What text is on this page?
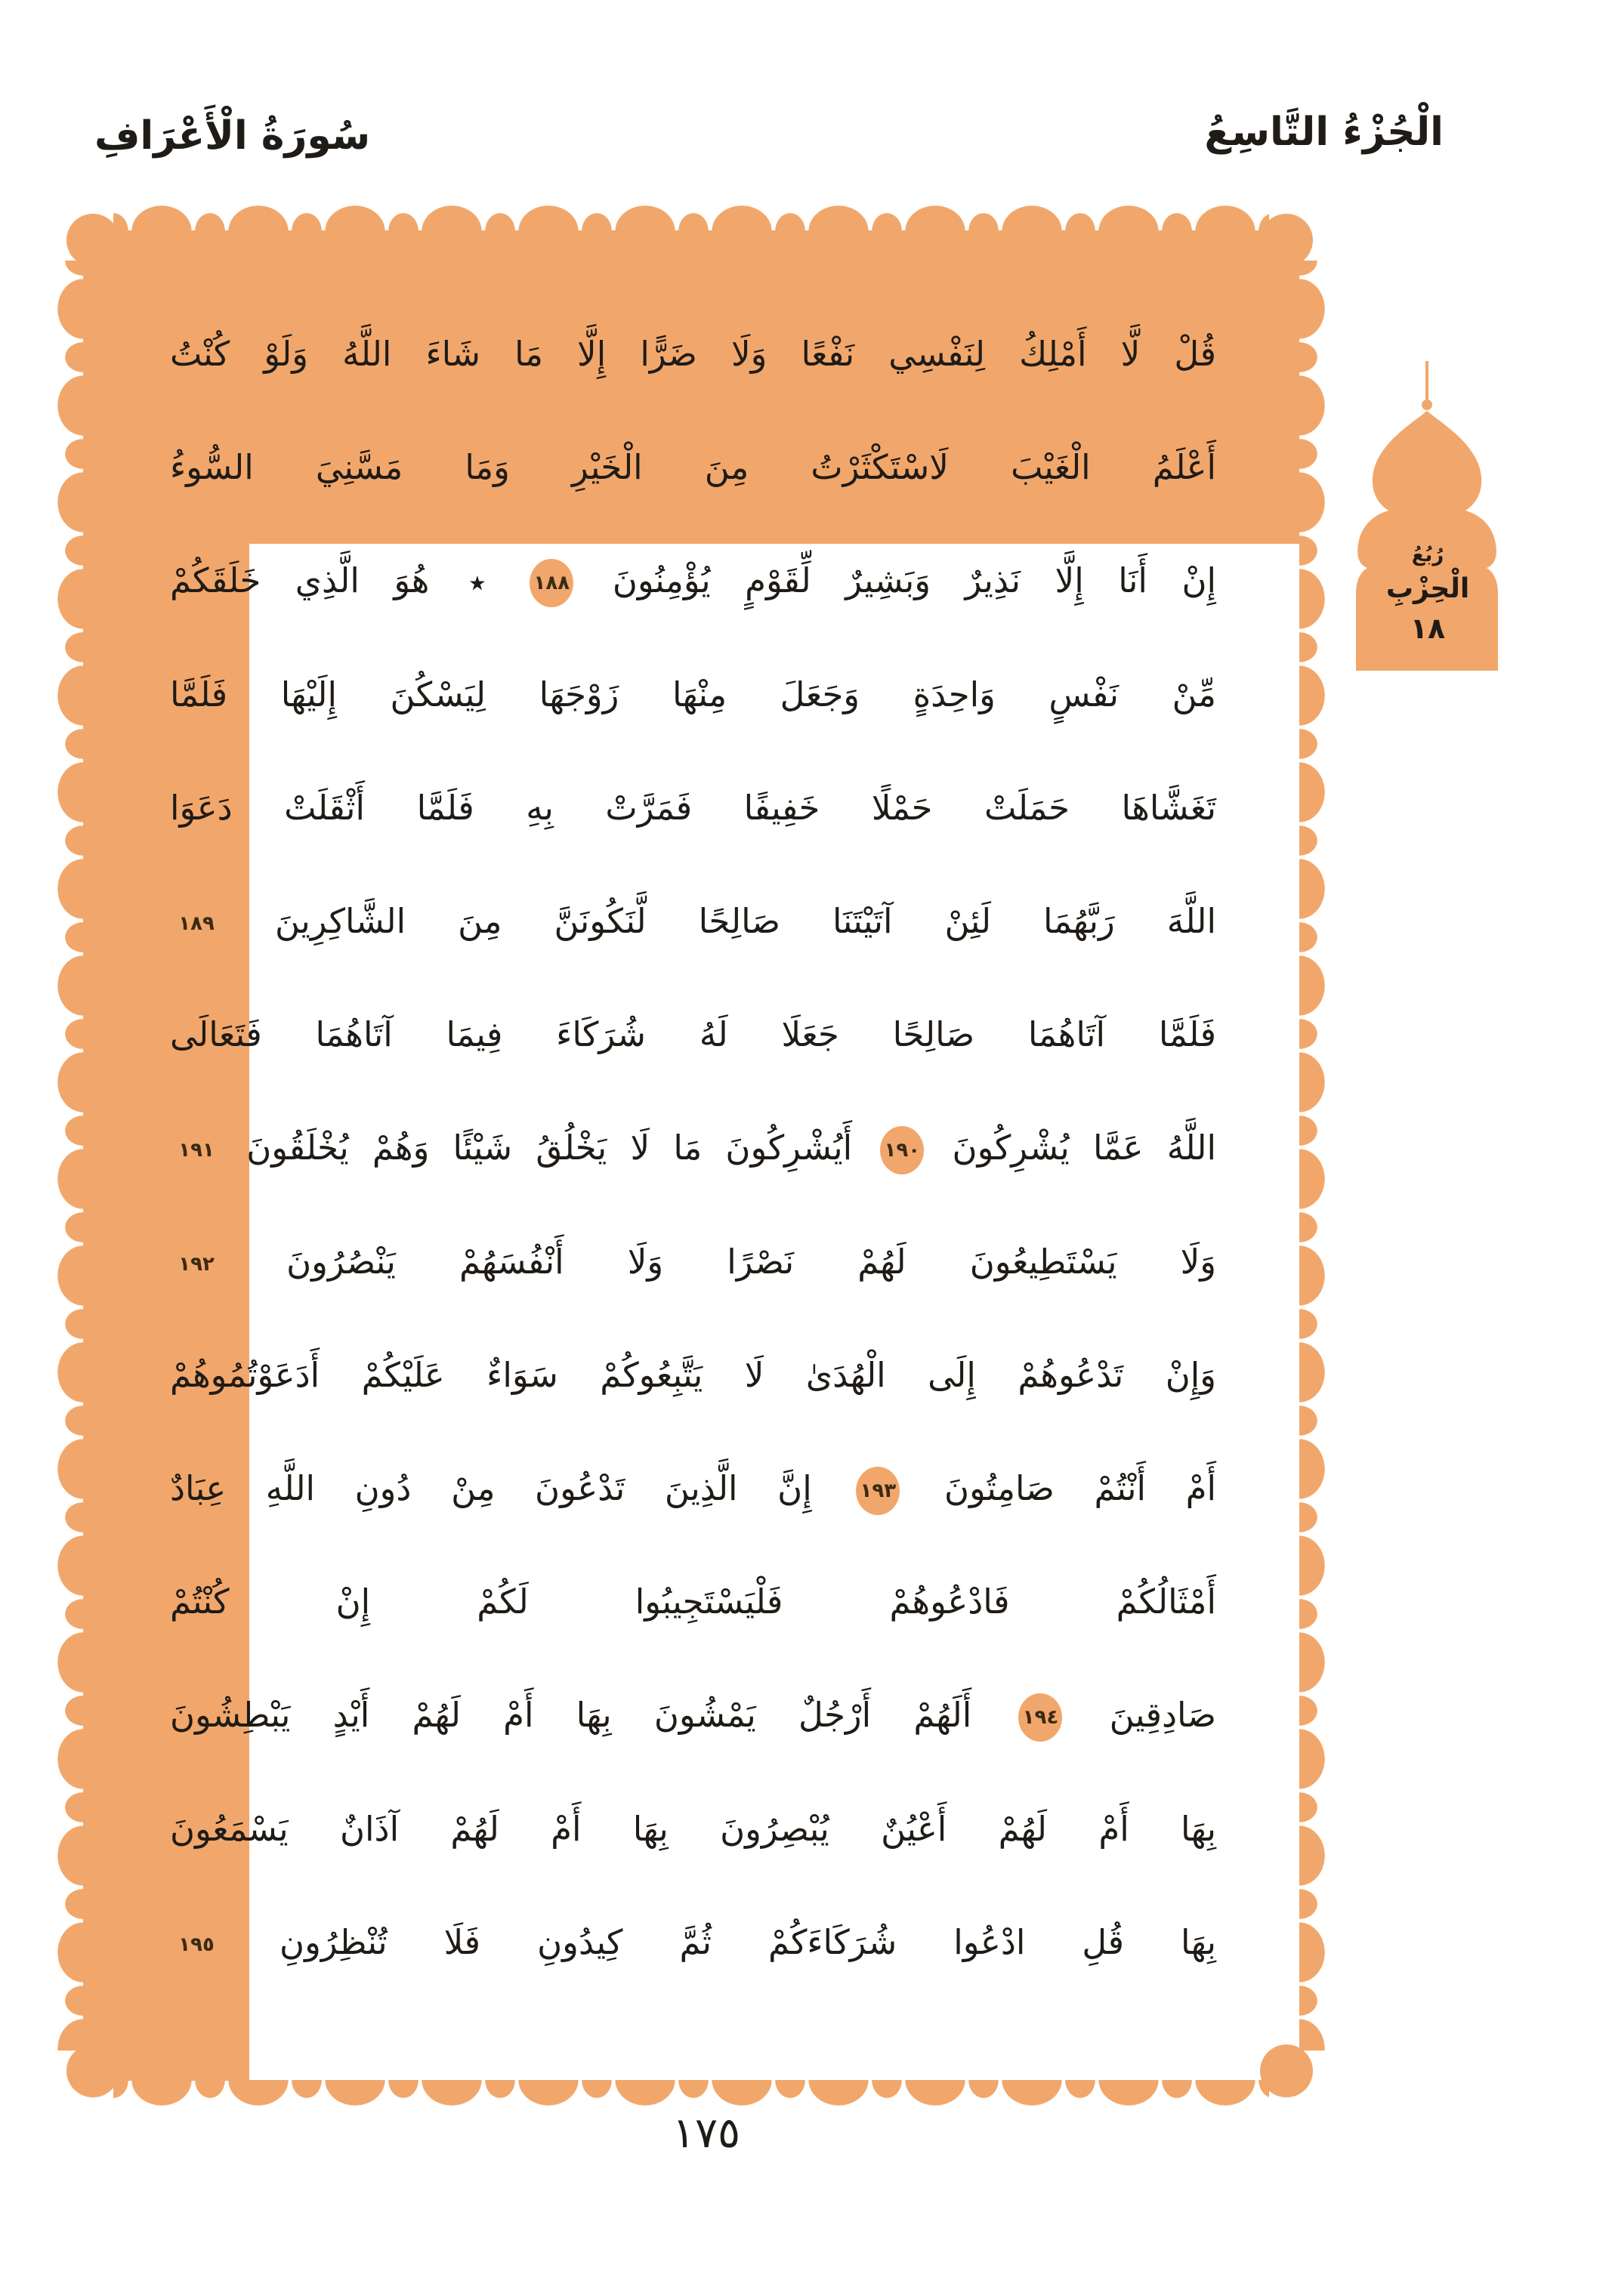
سُورَةُ الْأَعْرَافِ	الْجُزْءُ التَّاسِعُ
قُلْ لَّا أَمْلِكُ لِنَفْسِي نَفْعًا وَلَا ضَرًّا إِلَّا مَا شَاءَ اللَّهُ وَلَوْ كُنْتُ
أَعْلَمُ الْغَيْبَ لَاسْتَكْثَرْتُ مِنَ الْخَيْرِ وَمَا مَسَّنِيَ السُّوءُ
إِنْ أَنَا إِلَّا نَذِيرٌ وَبَشِيرٌ لِّقَوْمٍ يُؤْمِنُونَ
١٨٨
٭ هُوَ الَّذِي خَلَقَكُمْ
مِّنْ نَفْسٍ وَاحِدَةٍ وَجَعَلَ مِنْهَا زَوْجَهَا لِيَسْكُنَ إِلَيْهَا فَلَمَّا
تَغَشَّاهَا حَمَلَتْ حَمْلًا خَفِيفًا فَمَرَّتْ بِهِ فَلَمَّا أَثْقَلَتْ دَعَوَا
اللَّهَ رَبَّهُمَا لَئِنْ آتَيْتَنَا صَالِحًا لَّنَكُونَنَّ مِنَ الشَّاكِرِينَ
١٨٩
فَلَمَّا آتَاهُمَا صَالِحًا جَعَلَا لَهُ شُرَكَاءَ فِيمَا آتَاهُمَا فَتَعَالَى
اللَّهُ عَمَّا يُشْرِكُونَ
١٩٠
أَيُشْرِكُونَ مَا لَا يَخْلُقُ شَيْئًا وَهُمْ يُخْلَقُونَ
١٩١
وَلَا يَسْتَطِيعُونَ لَهُمْ نَصْرًا وَلَا أَنْفُسَهُمْ يَنْصُرُونَ
١٩٢
وَإِنْ تَدْعُوهُمْ إِلَى الْهُدَىٰ لَا يَتَّبِعُوكُمْ سَوَاءٌ عَلَيْكُمْ أَدَعَوْتُمُوهُمْ
أَمْ أَنْتُمْ صَامِتُونَ
١٩٣
إِنَّ الَّذِينَ تَدْعُونَ مِنْ دُونِ اللَّهِ عِبَادٌ
أَمْثَالُكُمْ فَادْعُوهُمْ فَلْيَسْتَجِيبُوا لَكُمْ إِنْ كُنْتُمْ
صَادِقِينَ
١٩٤
أَلَهُمْ أَرْجُلٌ يَمْشُونَ بِهَا أَمْ لَهُمْ أَيْدٍ يَبْطِشُونَ
بِهَا أَمْ لَهُمْ أَعْيُنٌ يُبْصِرُونَ بِهَا أَمْ لَهُمْ آذَانٌ يَسْمَعُونَ
بِهَا قُلِ ادْعُوا شُرَكَاءَكُمْ ثُمَّ كِيدُونِ فَلَا تُنْظِرُونِ
١٩٥
رُبُعُ
الْحِزْبِ
١٨
١٧٥
